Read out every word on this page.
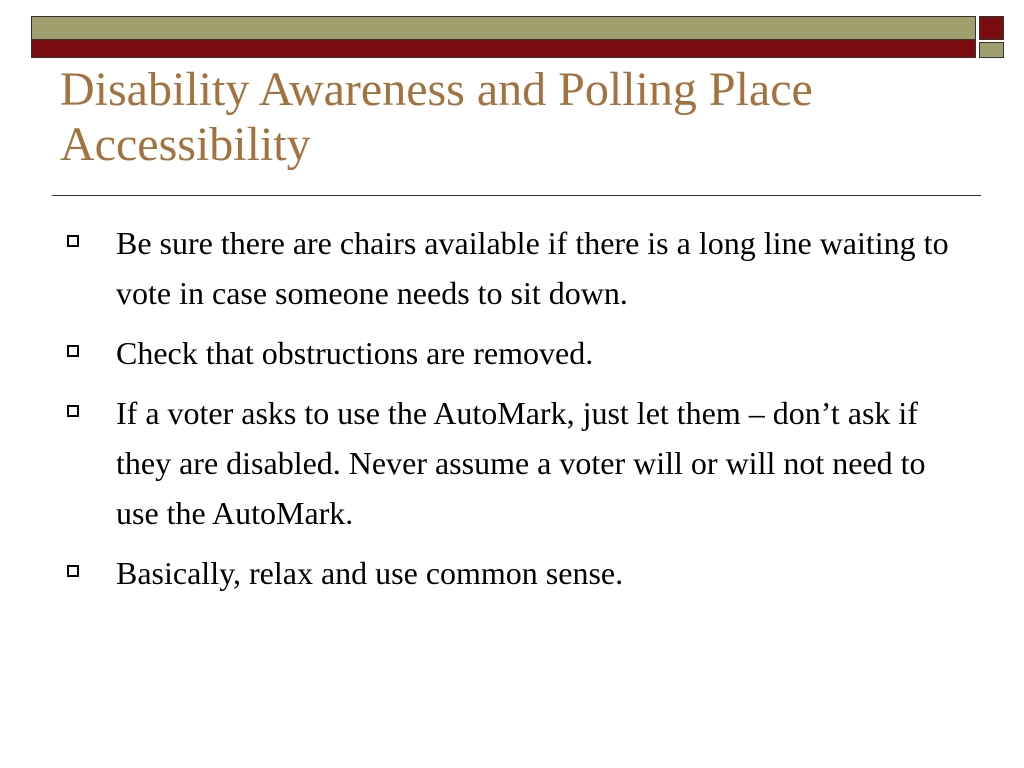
Disability Awareness and Polling Place Accessibility
Be sure there are chairs available if there is a long line waiting to vote in case someone needs to sit down.
Check that obstructions are removed.
If a voter asks to use the AutoMark, just let them – don’t ask if they are disabled. Never assume a voter will or will not need to use the AutoMark.
Basically, relax and use common sense.
